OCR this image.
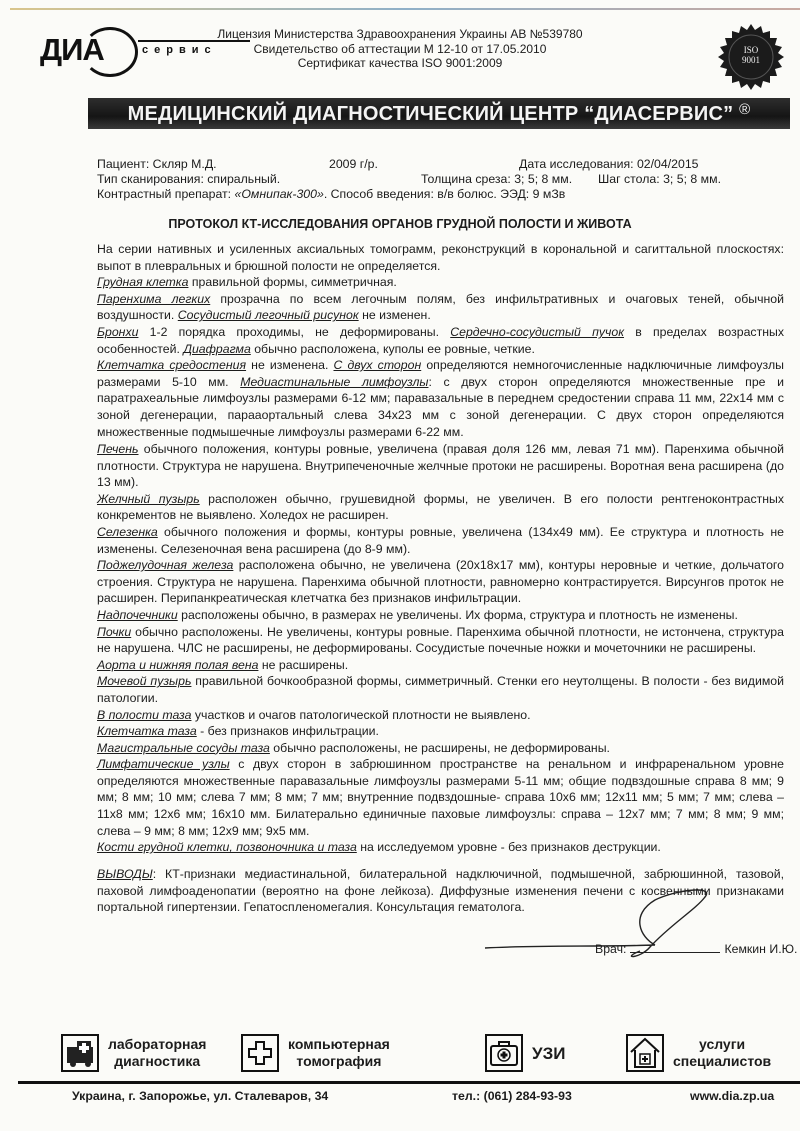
ДИА	сервис
Лицензия Министерства Здравоохранения Украины АВ №539780
Свидетельство об аттестации М 12-10 от 17.05.2010
Сертификат качества ISO 9001:2009
ISO
9001
МЕДИЦИНСКИЙ ДИАГНОСТИЧЕСКИЙ ЦЕНТР “ДИАСЕРВИС” ®
Пациент: Скляр М.Д.	2009 г/р.	Дата исследования: 02/04/2015
Тип сканирования: спиральный.	Толщина среза: 3; 5; 8 мм. Шаг стола: 3; 5; 8 мм.
Контрастный препарат: «Омнипак-300». Способ введения: в/в болюс. ЭЭД: 9 мЗв
ПРОТОКОЛ КТ-ИССЛЕДОВАНИЯ ОРГАНОВ ГРУДНОЙ ПОЛОСТИ И ЖИВОТА

На серии нативных и усиленных аксиальных томограмм, реконструкций в корональной и сагиттальной плоскостях: выпот в плевральных и брюшной полости не определяется.

Грудная клетка правильной формы, симметричная.

Паренхима легких прозрачна по всем легочным полям, без инфильтративных и очаговых теней, обычной воздушности. Сосудистый легочный рисунок не изменен.

Бронхи 1-2 порядка проходимы, не деформированы. Сердечно-сосудистый пучок в пределах возрастных особенностей. Диафрагма обычно расположена, куполы ее ровные, четкие.

Клетчатка средостения не изменена. С двух сторон определяются немногочисленные надключичные лимфоузлы размерами 5-10 мм. Медиастинальные лимфоузлы: с двух сторон определяются множественные пре и паратрахеальные лимфоузлы размерами 6-12 мм; паравазальные в переднем средостении справа 11 мм, 22х14 мм с зоной дегенерации, парааортальный слева 34х23 мм с зоной дегенерации. С двух сторон определяются множественные подмышечные лимфоузлы размерами 6-22 мм.

Печень обычного положения, контуры ровные, увеличена (правая доля 126 мм, левая 71 мм). Паренхима обычной плотности. Структура не нарушена. Внутрипеченочные желчные протоки не расширены. Воротная вена расширена (до 13 мм).

Желчный пузырь расположен обычно, грушевидной формы, не увеличен. В его полости рентгеноконтрастных конкрементов не выявлено. Холедох не расширен.

Селезенка обычного положения и формы, контуры ровные, увеличена (134х49 мм). Ее структура и плотность не изменены. Селезеночная вена расширена (до 8-9 мм).

Поджелудочная железа расположена обычно, не увеличена (20х18х17 мм), контуры неровные и четкие, дольчатого строения. Структура не нарушена. Паренхима обычной плотности, равномерно контрастируется. Вирсунгов проток не расширен. Перипанкреатическая клетчатка без признаков инфильтрации.

Надпочечники расположены обычно, в размерах не увеличены. Их форма, структура и плотность не изменены.

Почки обычно расположены. Не увеличены, контуры ровные. Паренхима обычной плотности, не истончена, структура не нарушена. ЧЛС не расширены, не деформированы. Сосудистые почечные ножки и мочеточники не расширены.

Аорта и нижняя полая вена не расширены.

Мочевой пузырь правильной бочкообразной формы, симметричный. Стенки его неутолщены. В полости - без видимой патологии.

В полости таза участков и очагов патологической плотности не выявлено.

Клетчатка таза - без признаков инфильтрации.

Магистральные сосуды таза обычно расположены, не расширены, не деформированы.

Лимфатические узлы с двух сторон в забрюшинном пространстве на ренальном и инфраренальном уровне определяются множественные паравазальные лимфоузлы размерами 5-11 мм; общие подвздошные справа 8 мм; 9 мм; 8 мм; 10 мм; слева 7 мм; 8 мм; 7 мм; внутренние подвздошные- справа 10х6 мм; 12х11 мм; 5 мм; 7 мм; слева – 11х8 мм; 12х6 мм; 16х10 мм. Билатерально единичные паховые лимфоузлы: справа – 12х7 мм; 7 мм; 8 мм; 9 мм; слева – 9 мм; 8 мм; 12х9 мм; 9х5 мм.

Кости грудной клетки, позвоночника и таза на исследуемом уровне - без признаков деструкции.

ВЫВОДЫ: КТ-признаки медиастинальной, билатеральной надключичной, подмышечной, забрюшинной, тазовой, паховой лимфоаденопатии (вероятно на фоне лейкоза). Диффузные изменения печени с косвенными признаками портальной гипертензии. Гепатоспленомегалия. Консультация гематолога.

Врач:	Кемкин И.Ю.
лабораторная
диагностика
компьютерная
томография	УЗИ	услуги
специалистов
Украина, г. Запорожье, ул. Сталеваров, 34	тел.: (061) 284-93-93	www.dia.zp.ua
